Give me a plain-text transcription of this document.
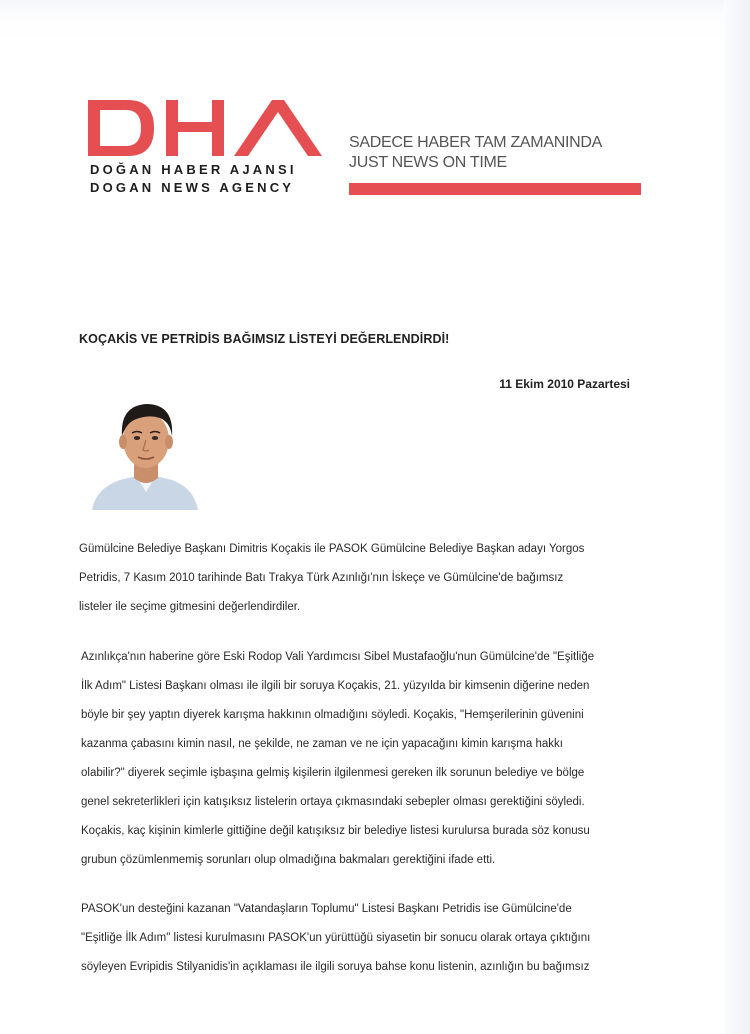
DOĞAN HABER AJANSI
DOGAN NEWS AGENCY
SADECE HABER TAM ZAMANINDA
JUST NEWS ON TIME
KOÇAKİS VE PETRİDİS BAĞIMSIZ LİSTEYİ DEĞERLENDİRDİ!
11 Ekim 2010 Pazartesi

Gümülcine Belediye Başkanı Dimitris Koçakis ile PASOK Gümülcine Belediye Başkan adayı Yorgos

Petridis, 7 Kasım 2010 tarihinde Batı Trakya Türk Azınlığı'nın İskeçe ve Gümülcine'de bağımsız

listeler ile seçime gitmesini değerlendirdiler.

Azınlıkça'nın haberine göre Eski Rodop Vali Yardımcısı Sibel Mustafaoğlu'nun Gümülcine'de "Eşitliğe

İlk Adım" Listesi Başkanı olması ile ilgili bir soruya Koçakis, 21. yüzyılda bir kimsenin diğerine neden

böyle bir şey yaptın diyerek karışma hakkının olmadığını söyledi. Koçakis, "Hemşerilerinin güvenini

kazanma çabasını kimin nasıl, ne şekilde, ne zaman ve ne için yapacağını kimin karışma hakkı

olabilir?" diyerek seçimle işbaşına gelmiş kişilerin ilgilenmesi gereken ilk sorunun belediye ve bölge

genel sekreterlikleri için katışıksız listelerin ortaya çıkmasındaki sebepler olması gerektiğini söyledi.

Koçakis, kaç kişinin kimlerle gittiğine değil katışıksız bir belediye listesi kurulursa burada söz konusu

grubun çözümlenmemiş sorunları olup olmadığına bakmaları gerektiğini ifade etti.

PASOK'un desteğini kazanan "Vatandaşların Toplumu" Listesi Başkanı Petridis ise Gümülcine'de

"Eşitliğe İlk Adım" listesi kurulmasını PASOK'un yürüttüğü siyasetin bir sonucu olarak ortaya çıktığını

söyleyen Evripidis Stilyanidis'in açıklaması ile ilgili soruya bahse konu listenin, azınlığın bu bağımsız
